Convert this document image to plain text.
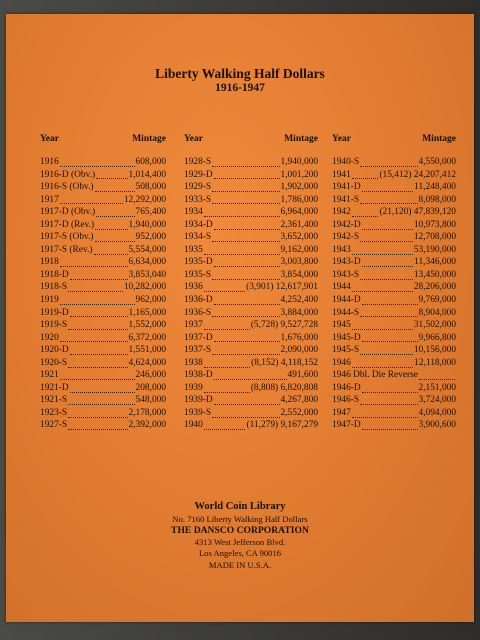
Liberty Walking Half Dollars
1916-1947
Year	Mintage
1916	608,000
1916-D (Obv.)	1,014,400
1916-S (Obv.)	508,000
1917	12,292,000
1917-D (Obv.)	765,400
1917-D (Rev.)	1,940,000
1917-S (Obv.)	952,000
1917-S (Rev.)	5,554,000
1918	6,634,000
1918-D	3,853,040
1918-S	10,282,000
1919	962,000
1919-D	1,165,000
1919-S	1,552,000
1920	6,372,000
1920-D	1,551,000
1920-S	4,624,000
1921	246,000
1921-D	208,000
1921-S	548,000
1923-S	2,178,000
1927-S	2,392,000
Year	Mintage
1928-S	1,940,000
1929-D	1,001,200
1929-S	1,902,000
1933-S	1,786,000
1934	6,964,000
1934-D	2,361,400
1934-S	3,652,000
1935	9,162,000
1935-D	3,003,800
1935-S	3,854,000
1936	(3,901) 12,617,901
1936-D	4,252,400
1936-S	3,884,000
1937	(5,728) 9,527,728
1937-D	1,676,000
1937-S	2,090,000
1938	(8,152) 4,118,152
1938-D	491,600
1939	(8,808) 6,820,808
1939-D	4,267,800
1939-S	2,552,000
1940	(11,279) 9,167,279
Year	Mintage
1940-S	4,550,000
1941	(15,412) 24,207,412
1941-D	11,248,400
1941-S	8,098,000
1942	(21,120) 47,839,120
1942-D	10,973,800
1942-S	12,708,000
1943	53,190,000
1943-D	11,346,000
1943-S	13,450,000
1944	28,206,000
1944-D	9,769,000
1944-S	8,904,000
1945	31,502,000
1945-D	9,966,800
1945-S	10,156,000
1946	12,118,000
1946 Dbl. Die Reverse
1946-D	2,151,000
1946-S	3,724,000
1947	4,094,000
1947-D	3,900,600
World Coin Library
No. 7160 Liberty Walking Half Dollars
THE DANSCO CORPORATION
4313 West Jefferson Blvd.
Los Angeles, CA 90016
MADE IN U.S.A.
